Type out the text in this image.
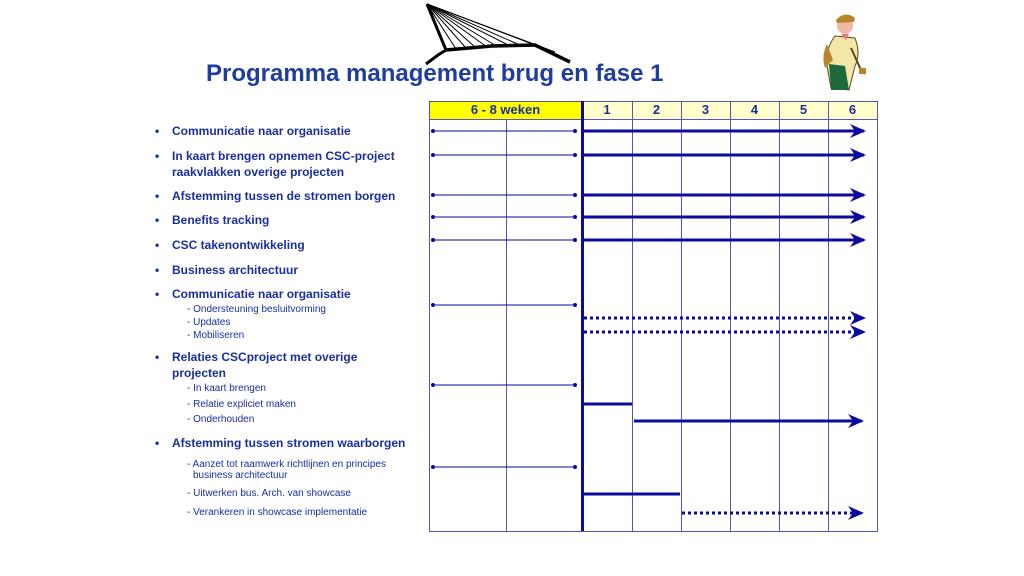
Programma management brug en fase 1
• Communicatie naar organisatie
• In kaart brengen opnemen CSC-project
raakvlakken overige projecten
• Afstemming tussen de stromen borgen
• Benefits tracking
• CSC takenontwikkeling
• Business architectuur
• Communicatie naar organisatie
- Ondersteuning besluitvorming
- Updates
- Mobiliseren
• Relaties CSCproject met overige
projecten
- In kaart brengen
- Relatie expliciet maken
- Onderhouden
• Afstemming tussen stromen waarborgen
- Aanzet tot raamwerk richtlijnen en principes
business architectuur
- Uitwerken bus. Arch. van showcase
- Verankeren in showcase implementatie
6 - 8 weken	1	2	3	4	5	6
